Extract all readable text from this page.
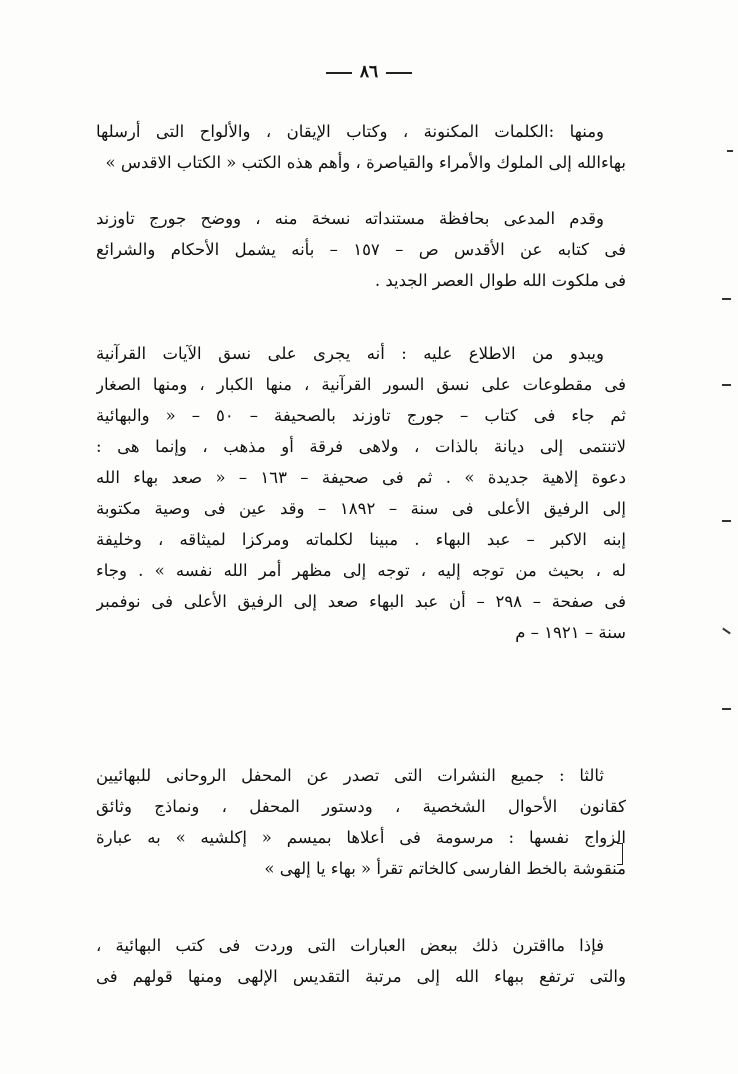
٨٦
ومنها :الكلمات المكنونة ، وكتاب الإيقان ، والألواح التى أرسلها
بهاءالله إلى الملوك والأمراء والقياصرة ، وأهم هذه الكتب « الكتاب الاقدس »
وقدم المدعى بحافظة مستنداته نسخة منه ، ووضح جورج تاوزند
فى كتابه عن الأقدس ص – ١٥٧ – بأنه يشمل الأحكام والشرائع
فى ملكوت الله طوال العصر الجديد .
ويبدو من الاطلاع عليه : أنه يجرى على نسق الآيات القرآنية
فى مقطوعات على نسق السور القرآنية ، منها الكبار ، ومنها الصغار
ثم جاء فى كتاب – جورج تاوزند بالصحيفة – ٥٠ – « والبهائية
لاتنتمى إلى ديانة بالذات ، ولاهى فرقة أو مذهب ، وإنما هى :
دعوة إلاهية جديدة » . ثم فى صحيفة – ١٦٣ – « صعد بهاء الله
إلى الرفيق الأعلى فى سنة – ١٨٩٢ – وقد عين فى وصية مكتوبة
إبنه الاكبر – عبد البهاء . مبينا لكلماته ومركزا لميثاقه ، وخليفة
له ، بحيث من توجه إليه ، توجه إلى مظهر أمر الله نفسه » . وجاء
فى صفحة – ٢٩٨ – أن عبد البهاء صعد إلى الرفيق الأعلى فى نوفمبر
سنة – ١٩٢١ – م
ثالثا : جميع النشرات التى تصدر عن المحفل الروحانى للبهائيين
كقانون الأحوال الشخصية ، ودستور المحفل ، ونماذج وثائق
الزواج نفسها : مرسومة فى أعلاها بميسم « إكلشيه » به عبارة
منقوشة بالخط الفارسى كالخاتم تقرأ « بهاء يا إلهى »
فإذا مااقترن ذلك ببعض العبارات التى وردت فى كتب البهائية ،
والتى ترتفع ببهاء الله إلى مرتبة التقديس الإلهى ومنها قولهم فى
